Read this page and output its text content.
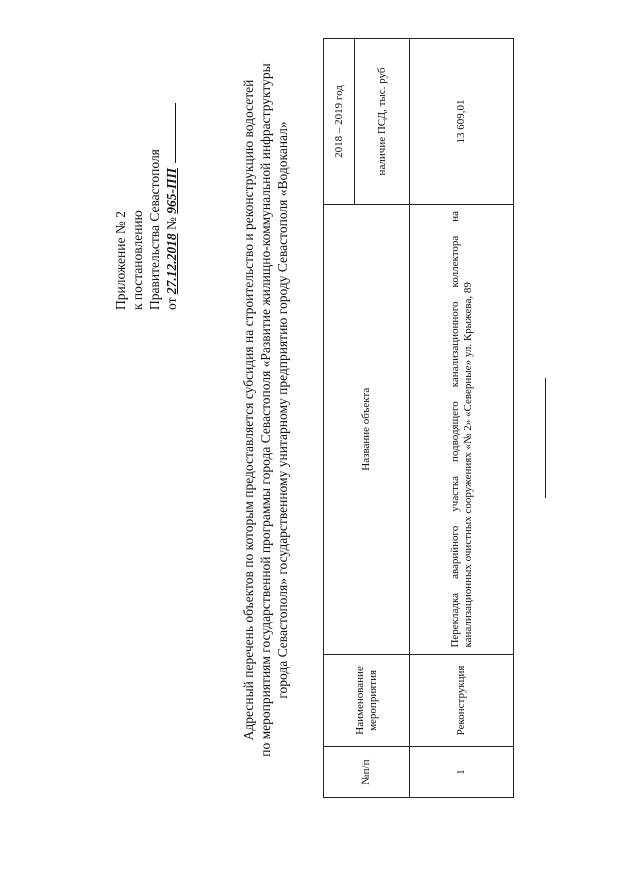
Приложение № 2 к постановлению Правительства Севастополя от 27.12.2018 № 965-ПП	Адресный перечень объектов по которым предоставляется субсидия на строительство и реконструкцию водосетей по мероприятиям государственной программы города Севастополя «Развитие жилищно-коммунальной инфраструктуры города Севастополя» государственному унитарному предприятию городу Севастополя «Водоканал»
№п/п	Наименование мероприятия	Название объекта	2018 – 2019 год
			наличие ПСД, тыс. руб
1	Реконструкция	Перекладка аварийного участка подводящего канализационного коллектора на канализационных очистных сооружениях «№ 2» «Северные» ул. Крыжева, 89	13 609,01
